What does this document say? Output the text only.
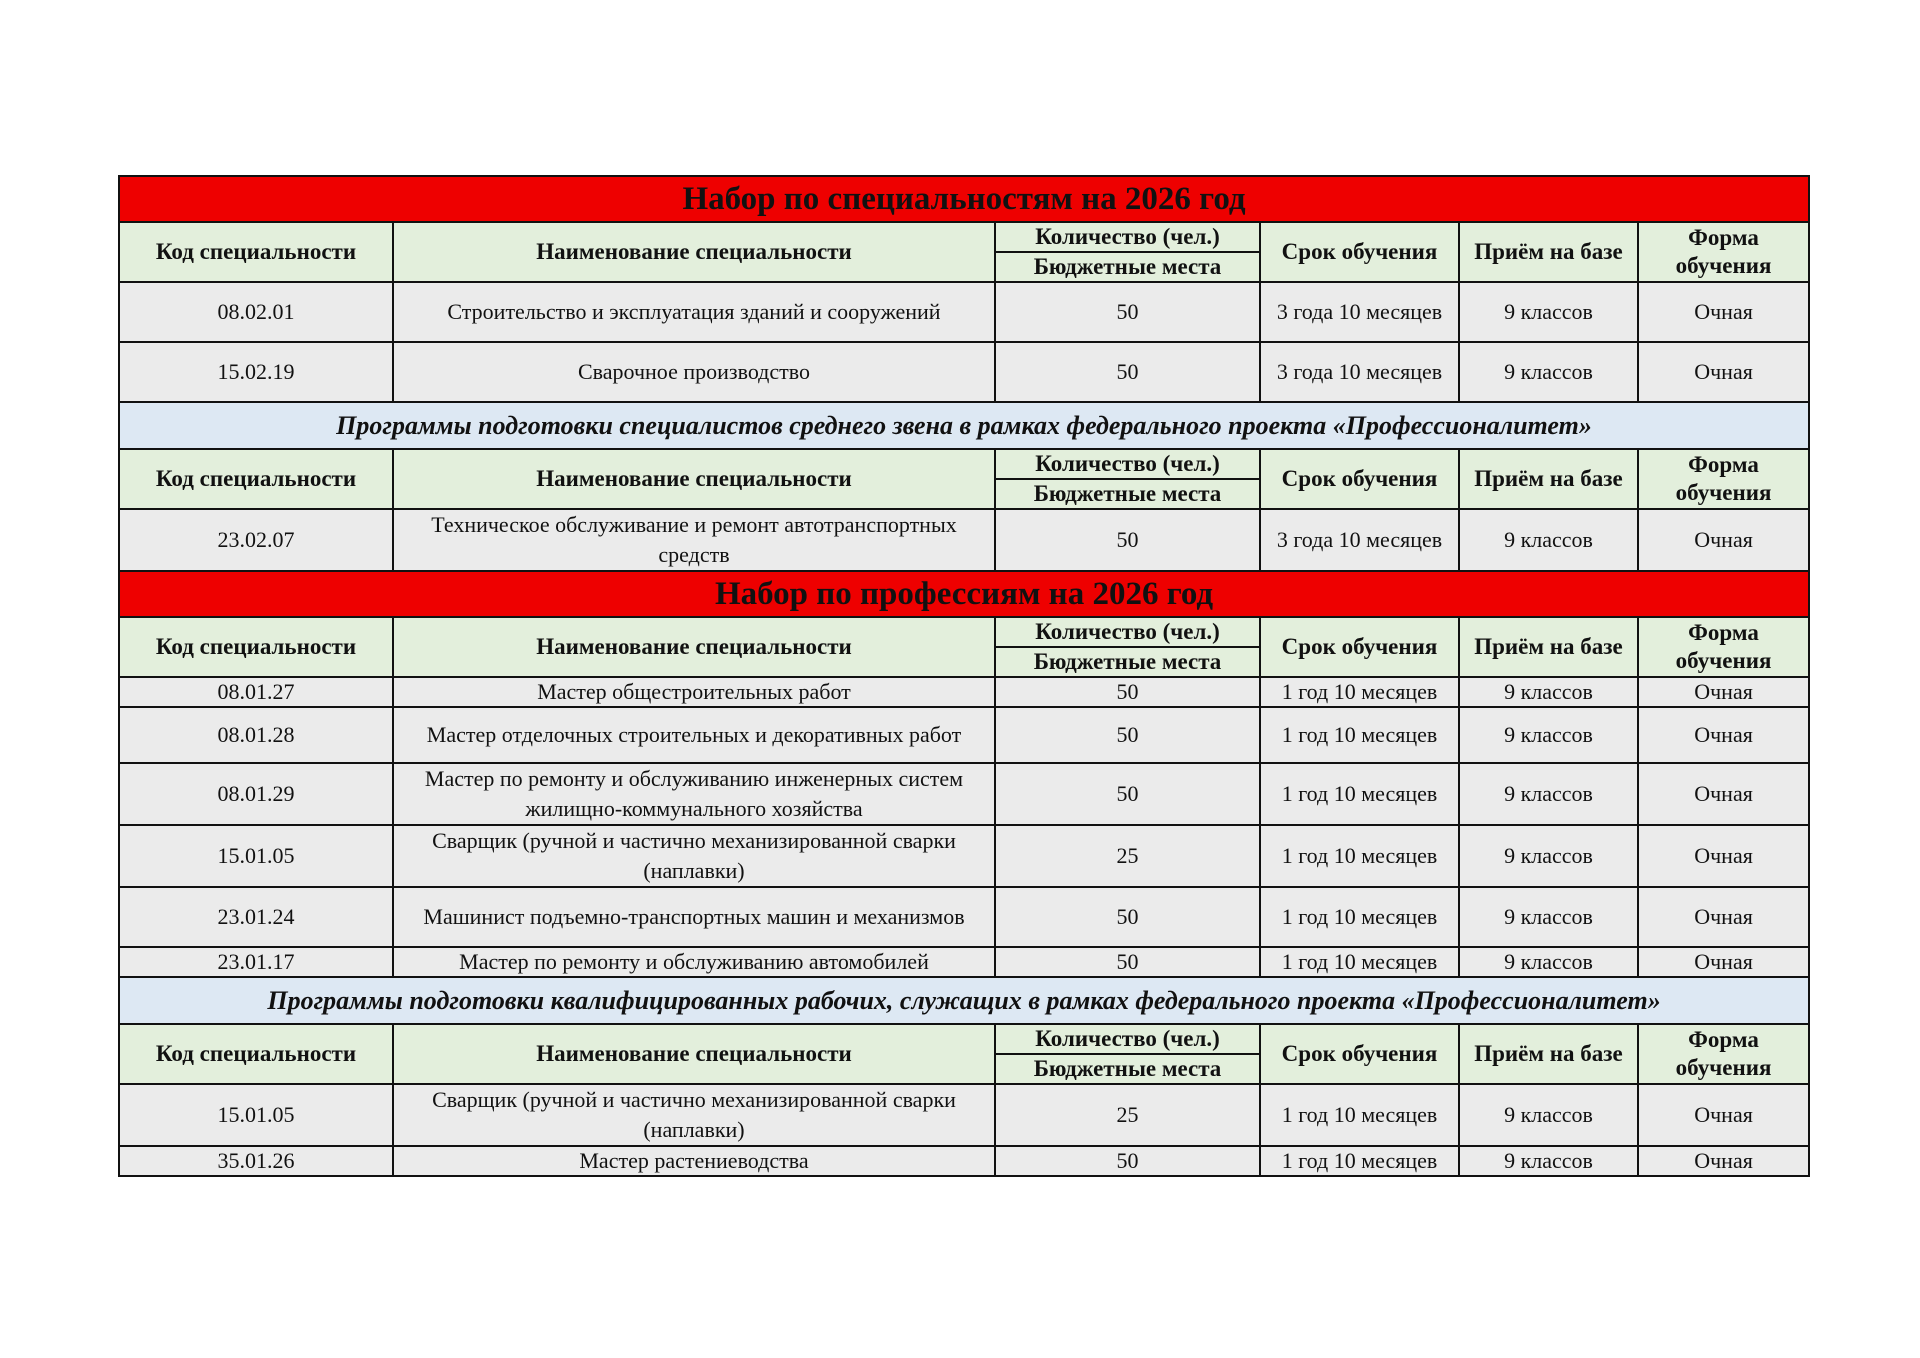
Набор по специальностям на 2026 год					
Код специальности	Наименование специальности	Количество (чел.)	Срок обучения	Приём на базе	Форма обучения
		Бюджетные места			
08.02.01	Строительство и эксплуатация зданий и сооружений	50	3 года 10 месяцев	9 классов	Очная
15.02.19	Сварочное производство	50	3 года 10 месяцев	9 классов	Очная
Программы подготовки специалистов среднего звена в рамках федерального проекта «Профессионалитет»					
Код специальности	Наименование специальности	Количество (чел.)	Срок обучения	Приём на базе	Форма обучения
		Бюджетные места			
23.02.07	Техническое обслуживание и ремонт автотранспортных средств	50	3 года 10 месяцев	9 классов	Очная
Набор по профессиям на 2026 год					
Код специальности	Наименование специальности	Количество (чел.)	Срок обучения	Приём на базе	Форма обучения
		Бюджетные места			
08.01.27	Мастер общестроительных работ	50	1 год 10 месяцев	9 классов	Очная
08.01.28	Мастер отделочных строительных и декоративных работ	50	1 год 10 месяцев	9 классов	Очная
08.01.29	Мастер по ремонту и обслуживанию инженерных систем жилищно-коммунального хозяйства	50	1 год 10 месяцев	9 классов	Очная
15.01.05	Сварщик (ручной и частично механизированной сварки (наплавки)	25	1 год 10 месяцев	9 классов	Очная
23.01.24	Машинист подъемно-транспортных машин и механизмов	50	1 год 10 месяцев	9 классов	Очная
23.01.17	Мастер по ремонту и обслуживанию автомобилей	50	1 год 10 месяцев	9 классов	Очная
Программы подготовки квалифицированных рабочих, служащих в рамках федерального проекта «Профессионалитет»					
Код специальности	Наименование специальности	Количество (чел.)	Срок обучения	Приём на базе	Форма обучения
		Бюджетные места			
15.01.05	Сварщик (ручной и частично механизированной сварки (наплавки)	25	1 год 10 месяцев	9 классов	Очная
35.01.26	Мастер растениеводства	50	1 год 10 месяцев	9 классов	Очная
